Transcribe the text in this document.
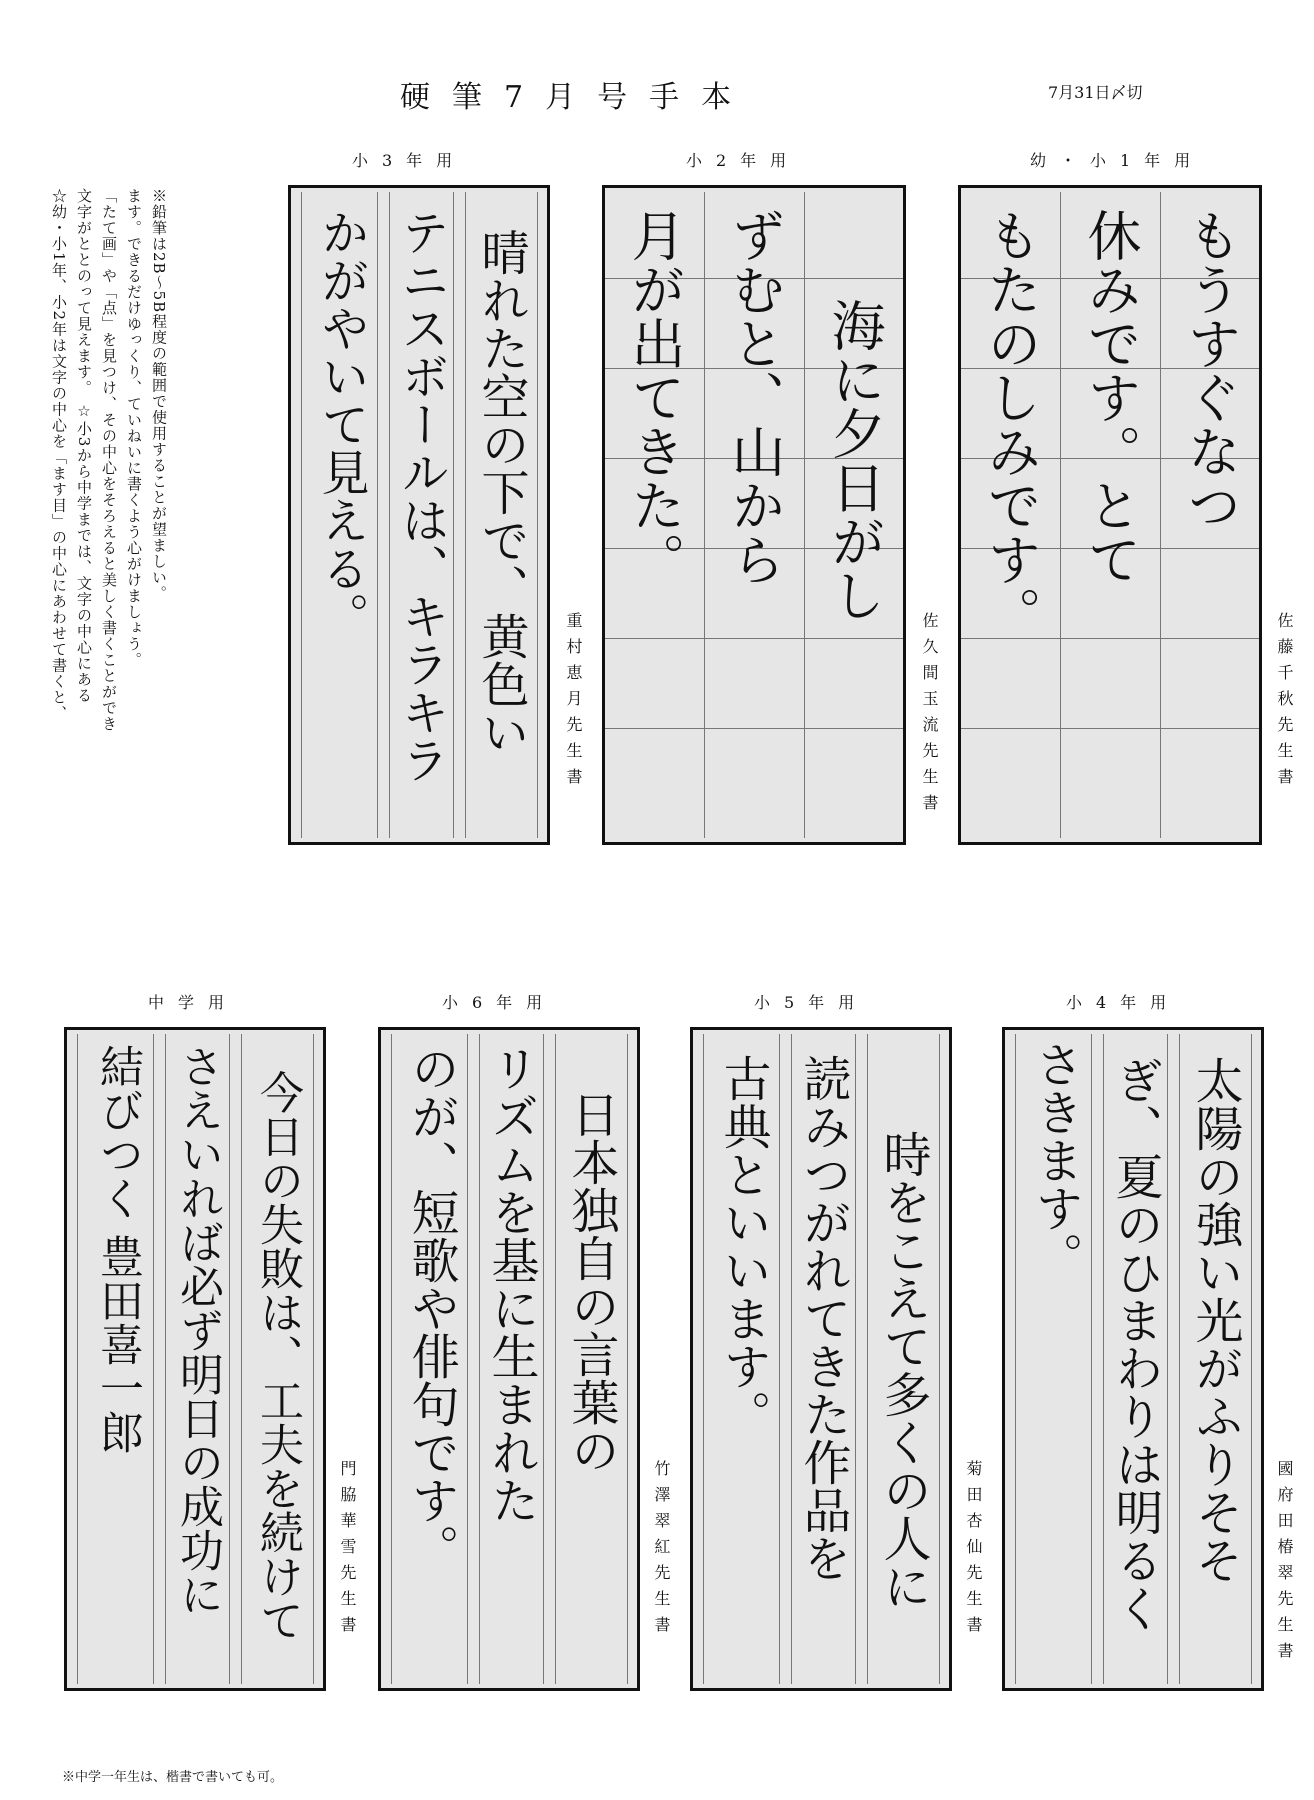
硬筆7月号手本	7月31日〆切
※鉛筆は2B〜5B程度の範囲で使用することが望ましい。
ます。できるだけゆっくり、ていねいに書くよう心がけましょう。
「たて画」や「点」を見つけ、その中心をそろえると美しく書くことができ
文字がととのって見えます。 ☆小3から中学までは、文字の中心にある
☆幼・小1年、小2年は文字の中心を「ます目」の中心にあわせて書くと、
幼・小1年用
もうすぐなつ
休みです。とて
もたのしみです。
佐藤千秋先生書
小2年用
海に夕日がし
ずむと、山から
月が出てきた。
佐久間玉流先生書
小3年用
晴れた空の下で、黄色い
テニスボールは、キラキラ
かがやいて見える。
重村恵月先生書
小4年用
太陽の強い光がふりそそ
ぎ、夏のひまわりは明るく
さきます。
國府田椿翠先生書
小5年用
時をこえて多くの人に
読みつがれてきた作品を
古典といいます。
菊田杏仙先生書
小6年用
日本独自の言葉の
リズムを基に生まれた
のが、短歌や俳句です。	竹澤翠紅先生書
中学用
今日の失敗は、工夫を続けて
さえいれば必ず明日の成功に
結びつく 豊田喜一郎
門脇華雪先生書
※中学一年生は、楷書で書いても可。
